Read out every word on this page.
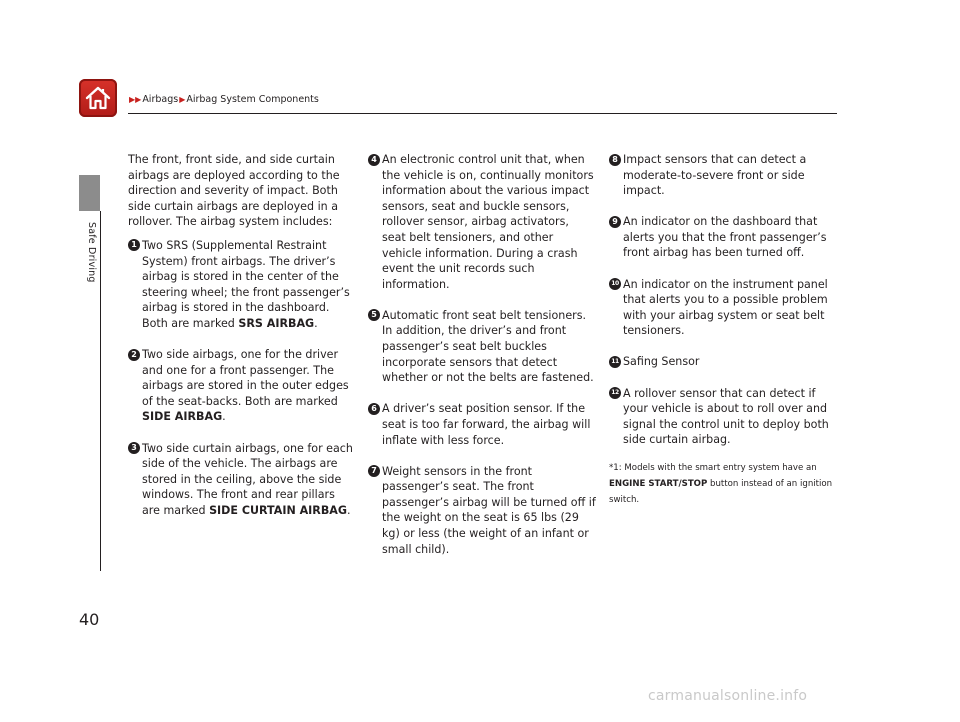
▶▶Airbags▶Airbag System Components
Safe Driving
40

The front, front side, and side curtain airbags are deployed according to the direction and severity of impact. Both side curtain airbags are deployed in a rollover. The airbag system includes:

1 Two SRS (Supplemental Restraint System) front airbags. The driver’s airbag is stored in the center of the steering wheel; the front passenger’s airbag is stored in the dashboard. Both are marked SRS AIRBAG.
2 Two side airbags, one for the driver and one for a front passenger. The airbags are stored in the outer edges of the seat-backs. Both are marked SIDE AIRBAG.
3 Two side curtain airbags, one for each side of the vehicle. The airbags are stored in the ceiling, above the side windows. The front and rear pillars are marked SIDE CURTAIN AIRBAG.
4 An electronic control unit that, when the vehicle is on, continually monitors information about the various impact sensors, seat and buckle sensors, rollover sensor, airbag activators, seat belt tensioners, and other vehicle information. During a crash event the unit records such information.
5 Automatic front seat belt tensioners. In addition, the driver’s and front passenger’s seat belt buckles incorporate sensors that detect whether or not the belts are fastened.
6 A driver’s seat position sensor. If the seat is too far forward, the airbag will inflate with less force.
7 Weight sensors in the front passenger’s seat. The front passenger’s airbag will be turned off if the weight on the seat is 65 lbs (29 kg) or less (the weight of an infant or small child).
8 Impact sensors that can detect a moderate-to-severe front or side impact.
9 An indicator on the dashboard that alerts you that the front passenger’s front airbag has been turned off.
10 An indicator on the instrument panel that alerts you to a possible problem with your airbag system or seat belt tensioners.
11 Safing Sensor
12 A rollover sensor that can detect if your vehicle is about to roll over and signal the control unit to deploy both side curtain airbag.
*1: Models with the smart entry system have an ENGINE START/STOP button instead of an ignition switch.
carmanualsonline.info
